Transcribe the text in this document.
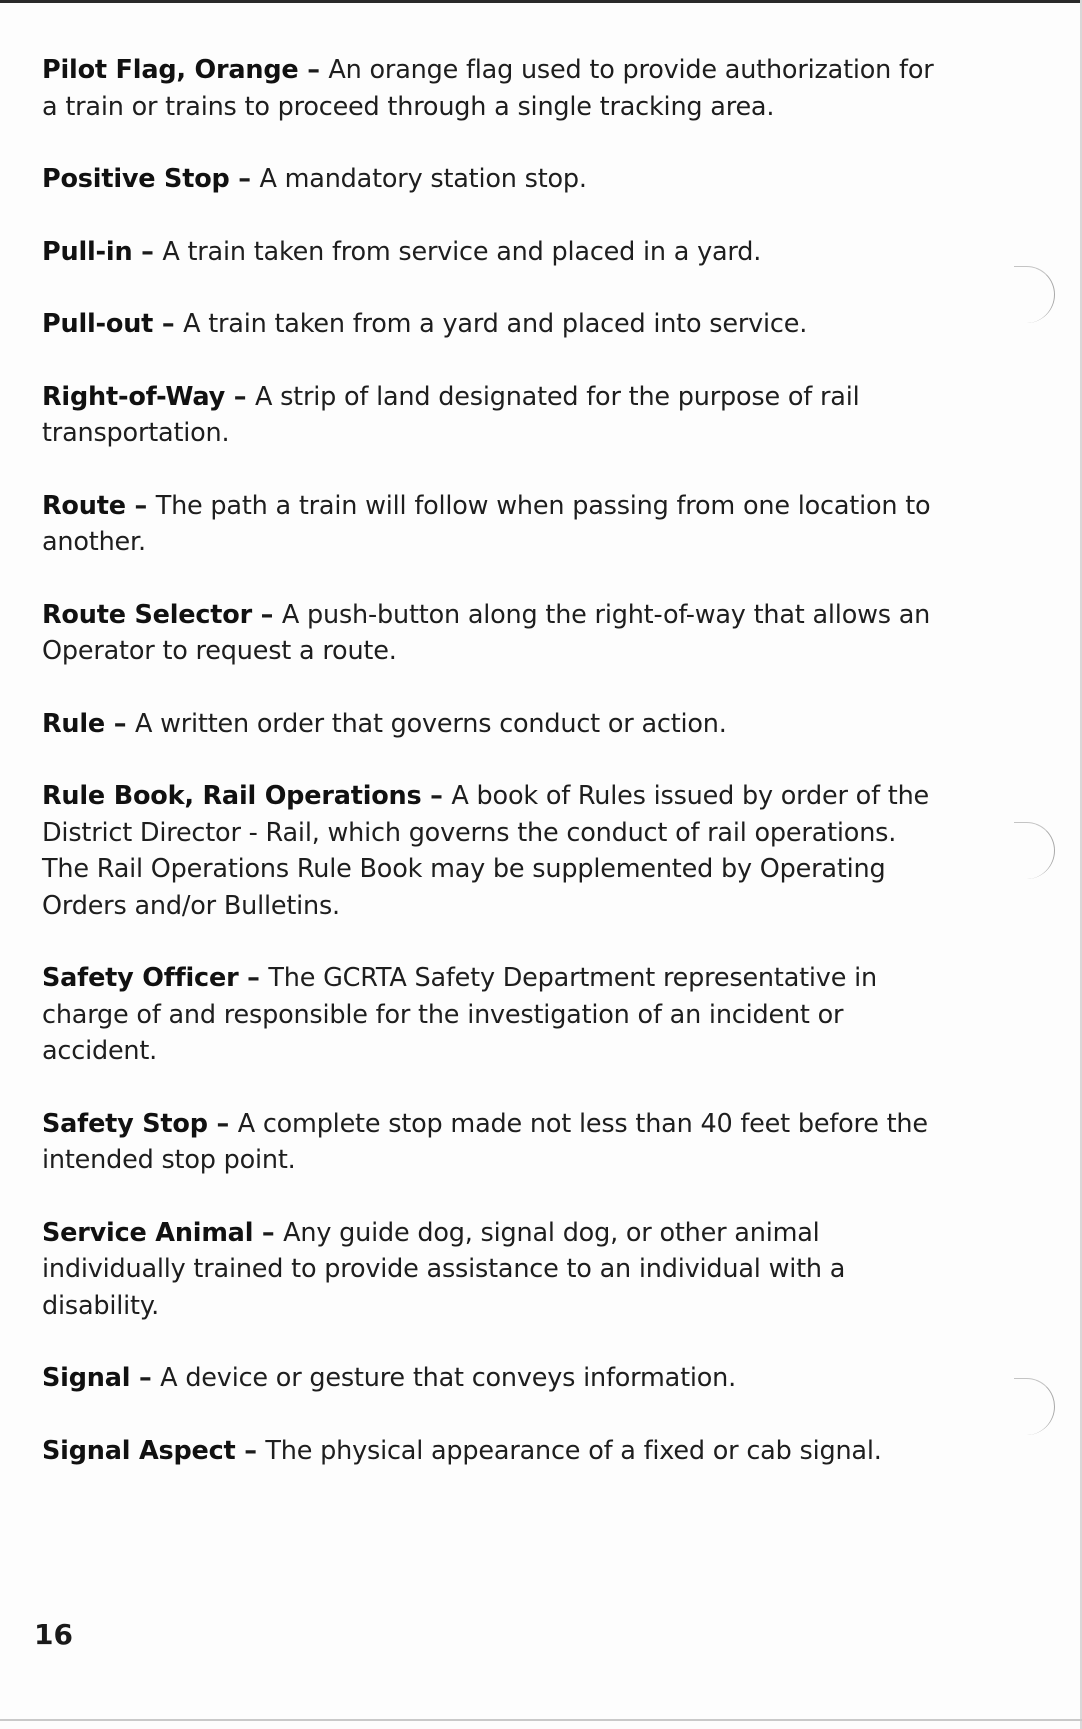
Pilot Flag, Orange – An orange flag used to provide authorization for a train or trains to proceed through a single tracking area.

Positive Stop – A mandatory station stop.

Pull-in – A train taken from service and placed in a yard.

Pull-out – A train taken from a yard and placed into service.

Right-of-Way – A strip of land designated for the purpose of rail transportation.

Route – The path a train will follow when passing from one location to another.

Route Selector – A push-button along the right-of-way that allows an Operator to request a route.

Rule – A written order that governs conduct or action.

Rule Book, Rail Operations – A book of Rules issued by order of the District Director - Rail, which governs the conduct of rail operations. The Rail Operations Rule Book may be supplemented by Operating Orders and/or Bulletins.

Safety Officer – The GCRTA Safety Department representative in charge of and responsible for the investigation of an incident or accident.

Safety Stop – A complete stop made not less than 40 feet before the intended stop point.

Service Animal – Any guide dog, signal dog, or other animal individually trained to provide assistance to an individual with a disability.

Signal – A device or gesture that conveys information.

Signal Aspect – The physical appearance of a fixed or cab signal.

16
